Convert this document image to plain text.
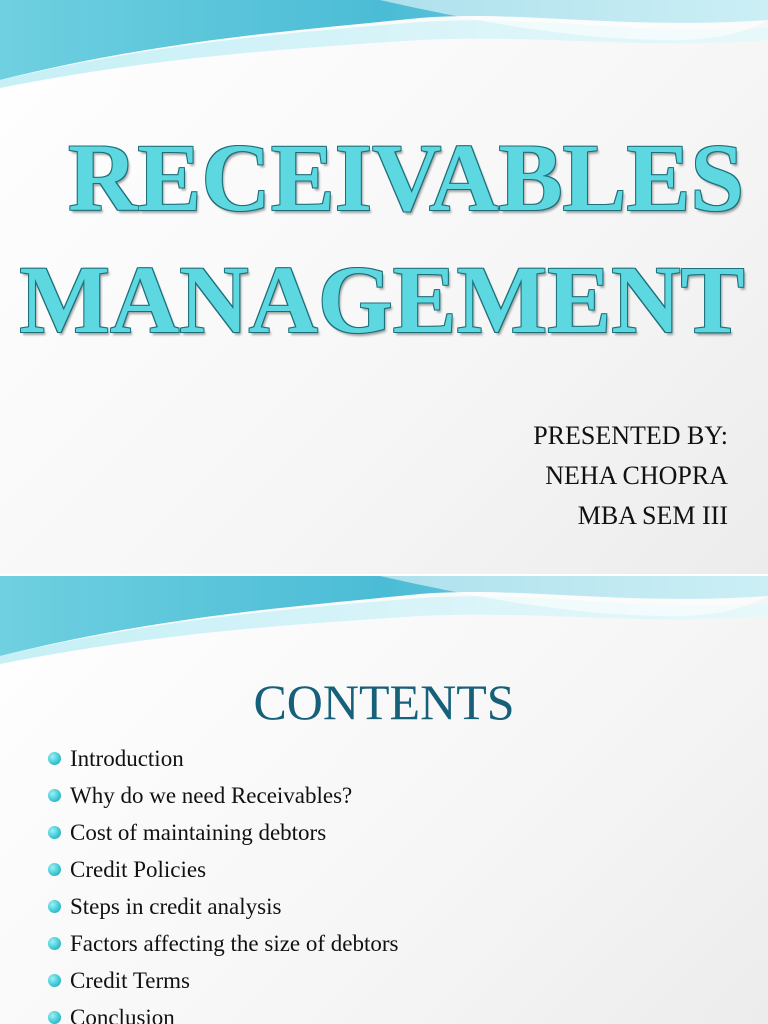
RECEIVABLES
MANAGEMENT
PRESENTED BY:
NEHA CHOPRA
MBA SEM III
CONTENTS
Introduction
Why do we need Receivables?
Cost of maintaining debtors
Credit Policies
Steps in credit analysis
Factors affecting the size of debtors
Credit Terms
Conclusion
